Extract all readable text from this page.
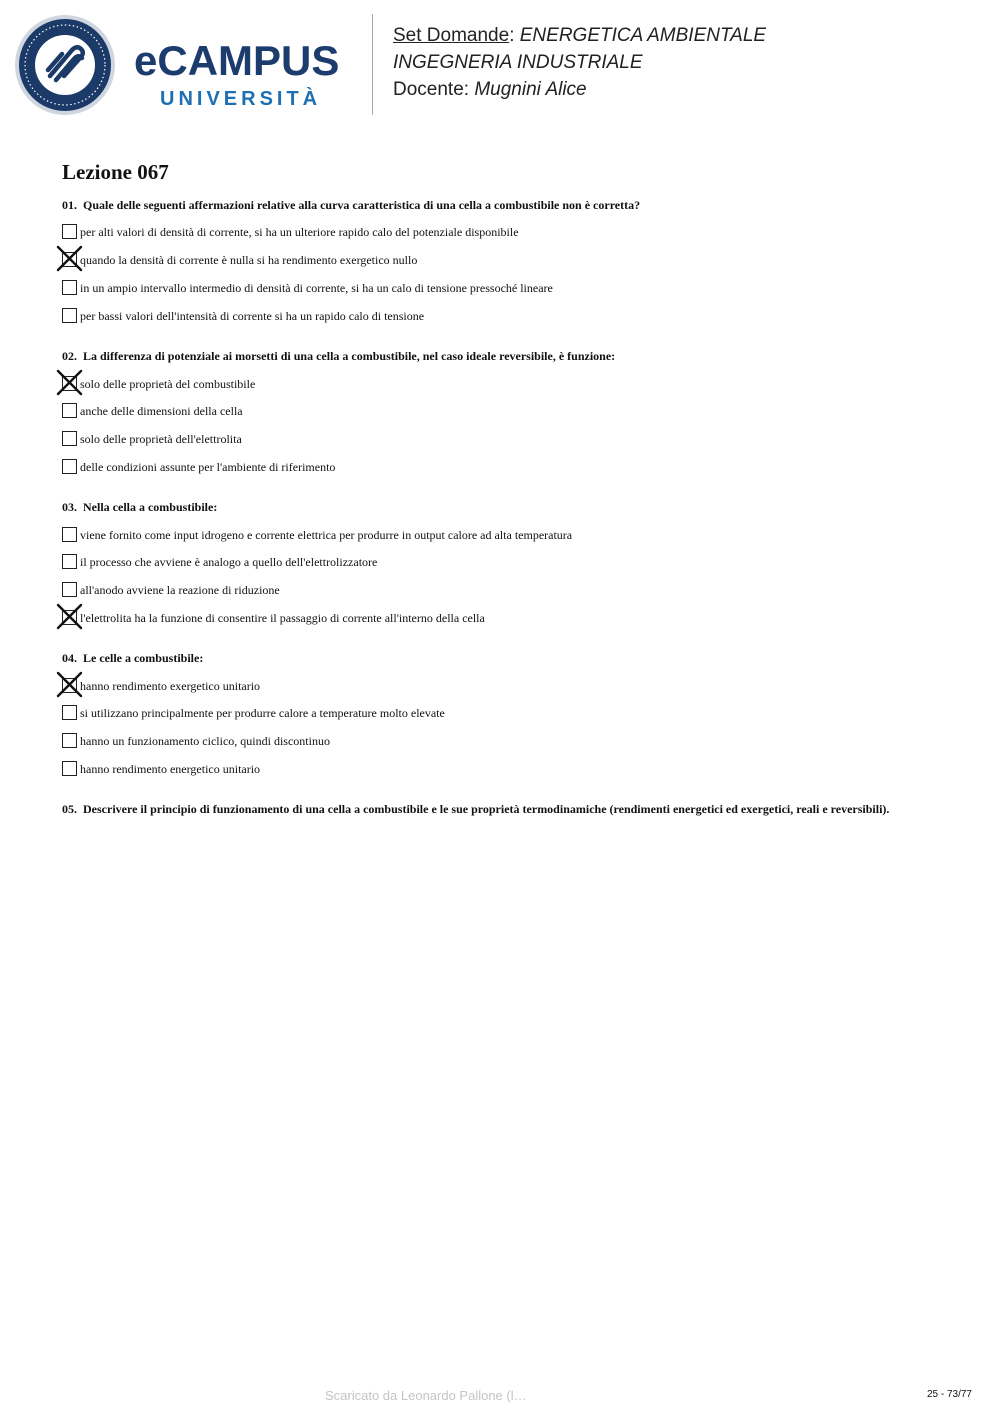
eCAMPUS
UNIVERSITÀ
Set Domande: ENERGETICA AMBIENTALE
INGEGNERIA INDUSTRIALE
Docente: Mugnini Alice
Lezione 067
01. Quale delle seguenti affermazioni relative alla curva caratteristica di una cella a combustibile non è corretta?
per alti valori di densità di corrente, si ha un ulteriore rapido calo del potenziale disponibile
quando la densità di corrente è nulla si ha rendimento exergetico nullo
in un ampio intervallo intermedio di densità di corrente, si ha un calo di tensione pressoché lineare
per bassi valori dell'intensità di corrente si ha un rapido calo di tensione
02. La differenza di potenziale ai morsetti di una cella a combustibile, nel caso ideale reversibile, è funzione:
solo delle proprietà del combustibile
anche delle dimensioni della cella
solo delle proprietà dell'elettrolita
delle condizioni assunte per l'ambiente di riferimento
03. Nella cella a combustibile:
viene fornito come input idrogeno e corrente elettrica per produrre in output calore ad alta temperatura
il processo che avviene è analogo a quello dell'elettrolizzatore
all'anodo avviene la reazione di riduzione
l'elettrolita ha la funzione di consentire il passaggio di corrente all'interno della cella
04. Le celle a combustibile:
hanno rendimento exergetico unitario
si utilizzano principalmente per produrre calore a temperature molto elevate
hanno un funzionamento ciclico, quindi discontinuo
hanno rendimento energetico unitario
05. Descrivere il principio di funzionamento di una cella a combustibile e le sue proprietà termodinamiche (rendimenti energetici ed exergetici, reali e reversibili).
Scaricato da Leonardo Pallone (l…	25 - 73/77
